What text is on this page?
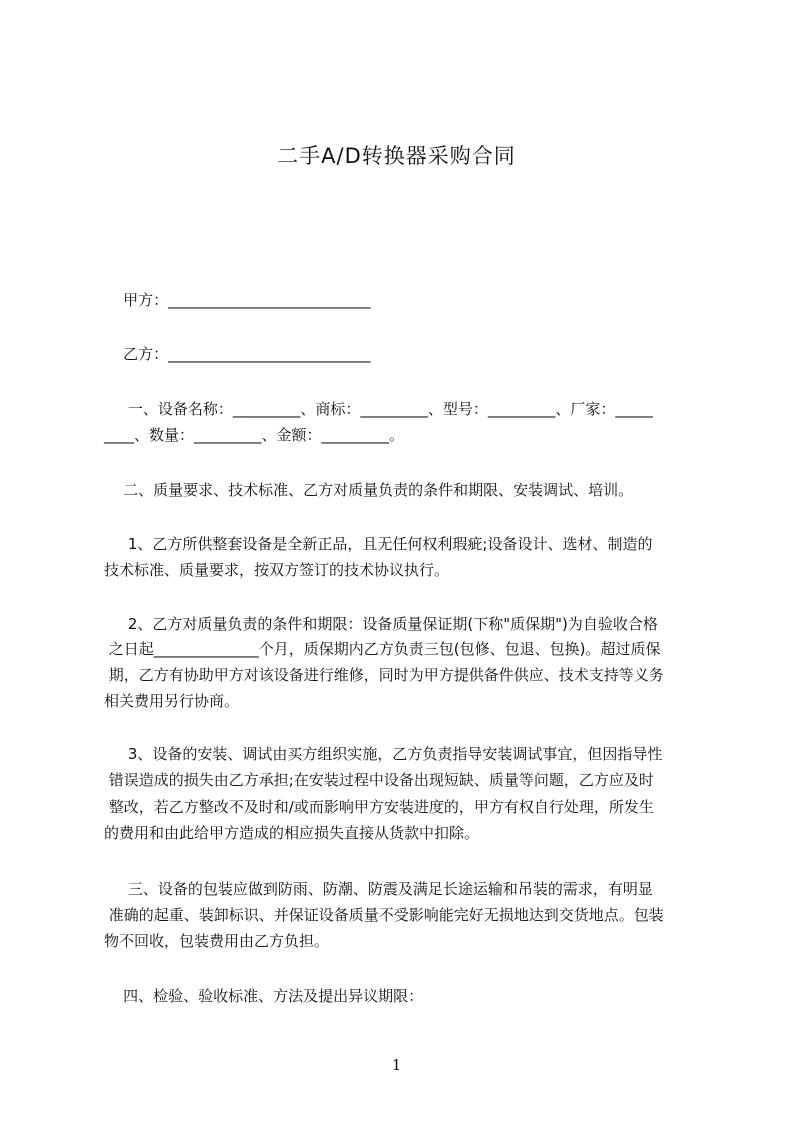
二手A/D转换器采购合同
甲方：___________________________
乙方：___________________________
一、设备名称：_________、商标：_________、型号：_________、厂家：_____
____、数量：_________、金额：_________。
二、质量要求、技术标准、乙方对质量负责的条件和期限、安装调试、培训。
1、乙方所供整套设备是全新正品，且无任何权利瑕疵;设备设计、选材、制造的
技术标准、质量要求，按双方签订的技术协议执行。
2、乙方对质量负责的条件和期限：设备质量保证期(下称"质保期")为自验收合格
之日起______________个月，质保期内乙方负责三包(包修、包退、包换)。超过质保
期，乙方有协助甲方对该设备进行维修，同时为甲方提供备件供应、技术支持等义务
相关费用另行协商。
3、设备的安装、调试由买方组织实施，乙方负责指导安装调试事宜，但因指导性
错误造成的损失由乙方承担;在安装过程中设备出现短缺、质量等问题，乙方应及时
整改，若乙方整改不及时和/或而影响甲方安装进度的，甲方有权自行处理，所发生
的费用和由此给甲方造成的相应损失直接从货款中扣除。
三、设备的包装应做到防雨、防潮、防震及满足长途运输和吊装的需求，有明显
准确的起重、装卸标识、并保证设备质量不受影响能完好无损地达到交货地点。包装
物不回收，包装费用由乙方负担。
四、检验、验收标准、方法及提出异议期限：
1
